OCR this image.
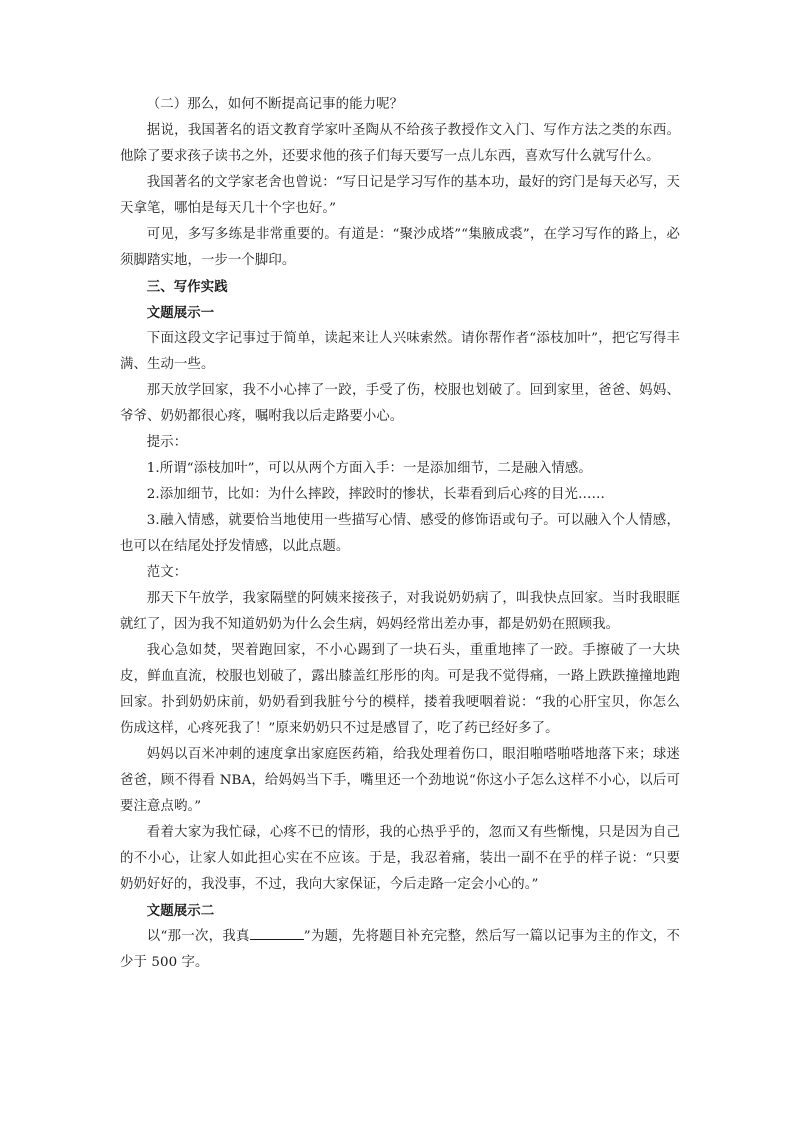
（二）那么，如何不断提高记事的能力呢？

据说，我国著名的语文教育学家叶圣陶从不给孩子教授作文入门、写作方法之类的东西。他除了要求孩子读书之外，还要求他的孩子们每天要写一点儿东西，喜欢写什么就写什么。

我国著名的文学家老舍也曾说：“写日记是学习写作的基本功，最好的窍门是每天必写，天天拿笔，哪怕是每天几十个字也好。”

可见，多写多练是非常重要的。有道是：“聚沙成塔”“集腋成裘”，在学习写作的路上，必须脚踏实地，一步一个脚印。

三、写作实践

文题展示一

下面这段文字记事过于简单，读起来让人兴味索然。请你帮作者“添枝加叶”，把它写得丰满、生动一些。

那天放学回家，我不小心摔了一跤，手受了伤，校服也划破了。回到家里，爸爸、妈妈、爷爷、奶奶都很心疼，嘱咐我以后走路要小心。

提示：

1.所谓“添枝加叶”，可以从两个方面入手：一是添加细节，二是融入情感。

2.添加细节，比如：为什么摔跤，摔跤时的惨状，长辈看到后心疼的目光……

3.融入情感，就要恰当地使用一些描写心情、感受的修饰语或句子。可以融入个人情感，也可以在结尾处抒发情感，以此点题。

范文：

那天下午放学，我家隔壁的阿姨来接孩子，对我说奶奶病了，叫我快点回家。当时我眼眶就红了，因为我不知道奶奶为什么会生病，妈妈经常出差办事，都是奶奶在照顾我。

我心急如焚，哭着跑回家，不小心踢到了一块石头，重重地摔了一跤。手擦破了一大块皮，鲜血直流，校服也划破了，露出膝盖红彤彤的肉。可是我不觉得痛，一路上跌跌撞撞地跑回家。扑到奶奶床前，奶奶看到我脏兮兮的模样，搂着我哽咽着说：“我的心肝宝贝，你怎么伤成这样，心疼死我了！”原来奶奶只不过是感冒了，吃了药已经好多了。

妈妈以百米冲刺的速度拿出家庭医药箱，给我处理着伤口，眼泪啪嗒啪嗒地落下来；球迷爸爸，顾不得看 NBA，给妈妈当下手，嘴里还一个劲地说“你这小子怎么这样不小心，以后可要注意点哟。”

看着大家为我忙碌，心疼不已的情形，我的心热乎乎的，忽而又有些惭愧，只是因为自己的不小心，让家人如此担心实在不应该。于是，我忍着痛，装出一副不在乎的样子说：“只要奶奶好好的，我没事，不过，我向大家保证，今后走路一定会小心的。”

文题展示二

以“那一次，我真	”为题，先将题目补充完整，然后写一篇以记事为主的作文，不少于 500 字。
